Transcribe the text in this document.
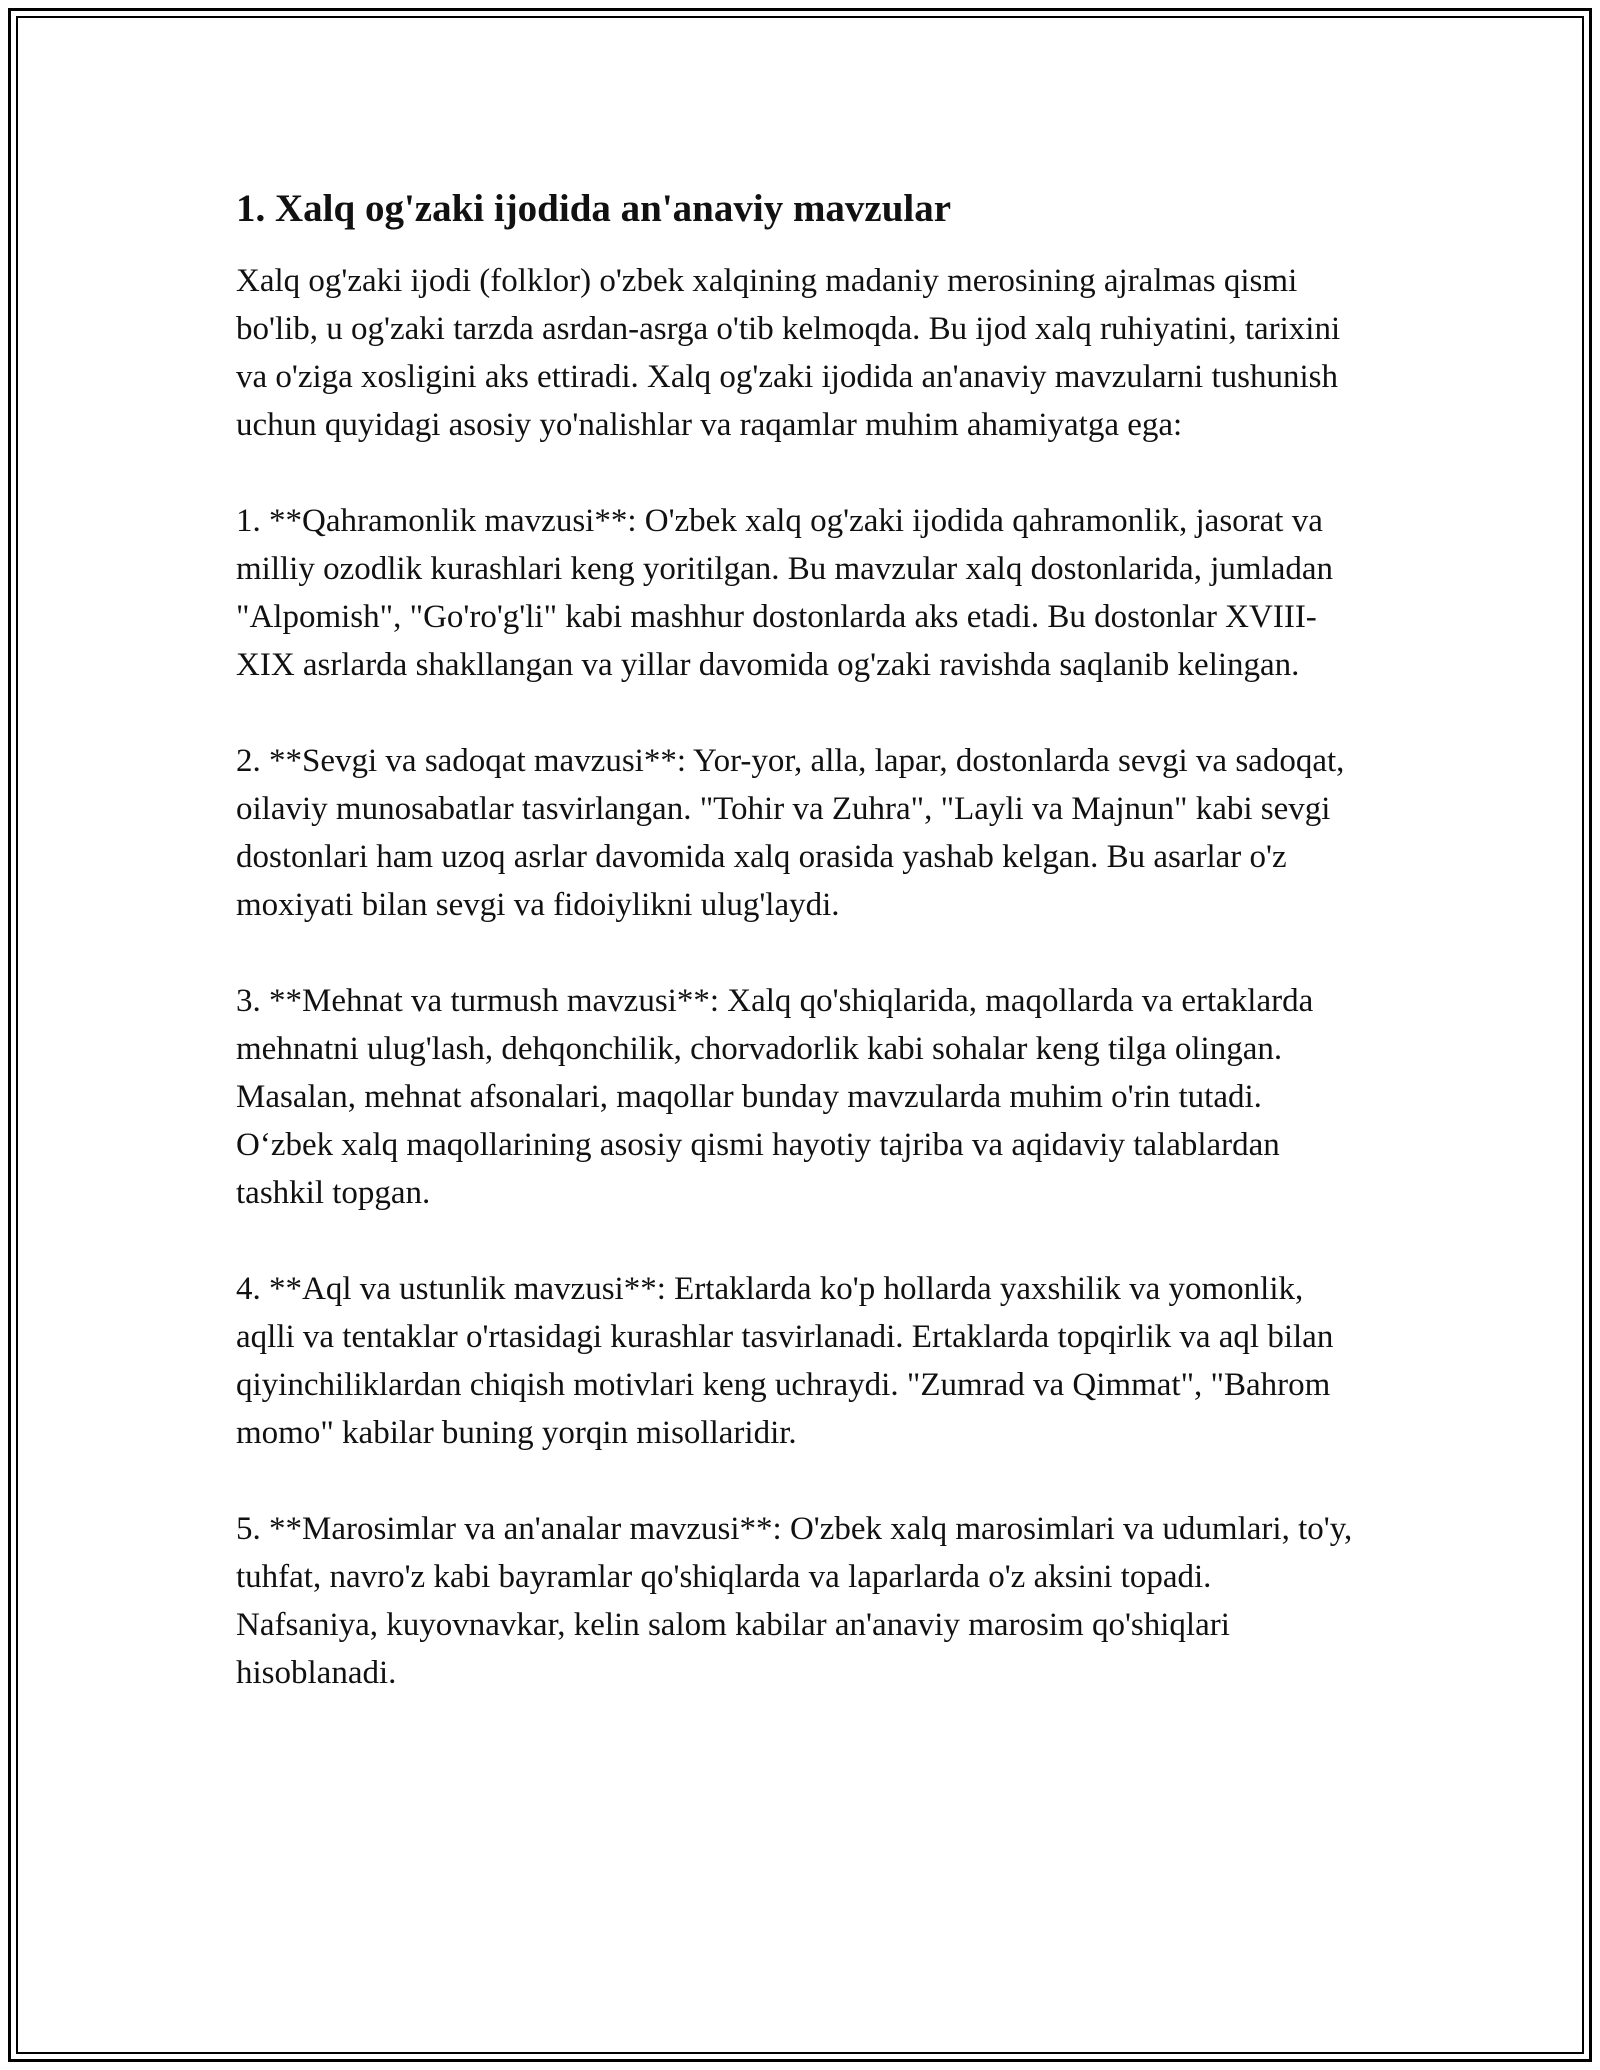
1. Xalq og'zaki ijodida an'anaviy mavzular

Xalq og'zaki ijodi (folklor) o'zbek xalqining madaniy merosining ajralmas qismi bo'lib, u og'zaki tarzda asrdan-asrga o'tib kelmoqda. Bu ijod xalq ruhiyatini, tarixini va o'ziga xosligini aks ettiradi. Xalq og'zaki ijodida an'anaviy mavzularni tushunish uchun quyidagi asosiy yo'nalishlar va raqamlar muhim ahamiyatga ega:

1. **Qahramonlik mavzusi**: O'zbek xalq og'zaki ijodida qahramonlik, jasorat va milliy ozodlik kurashlari keng yoritilgan. Bu mavzular xalq dostonlarida, jumladan "Alpomish", "Go'ro'g'li" kabi mashhur dostonlarda aks etadi. Bu dostonlar XVIII-XIX asrlarda shakllangan va yillar davomida og'zaki ravishda saqlanib kelingan.

2. **Sevgi va sadoqat mavzusi**: Yor-yor, alla, lapar, dostonlarda sevgi va sadoqat, oilaviy munosabatlar tasvirlangan. "Tohir va Zuhra", "Layli va Majnun" kabi sevgi dostonlari ham uzoq asrlar davomida xalq orasida yashab kelgan. Bu asarlar o'z moxiyati bilan sevgi va fidoiylikni ulug'laydi.

3. **Mehnat va turmush mavzusi**: Xalq qo'shiqlarida, maqollarda va ertaklarda mehnatni ulug'lash, dehqonchilik, chorvadorlik kabi sohalar keng tilga olingan. Masalan, mehnat afsonalari, maqollar bunday mavzularda muhim o'rin tutadi. O‘zbek xalq maqollarining asosiy qismi hayotiy tajriba va aqidaviy talablardan tashkil topgan.

4. **Aql va ustunlik mavzusi**: Ertaklarda ko'p hollarda yaxshilik va yomonlik, aqlli va tentaklar o'rtasidagi kurashlar tasvirlanadi. Ertaklarda topqirlik va aql bilan qiyinchiliklardan chiqish motivlari keng uchraydi. "Zumrad va Qimmat", "Bahrom momo" kabilar buning yorqin misollaridir.

5. **Marosimlar va an'analar mavzusi**: O'zbek xalq marosimlari va udumlari, to'y, tuhfat, navro'z kabi bayramlar qo'shiqlarda va laparlarda o'z aksini topadi. Nafsaniya, kuyovnavkar, kelin salom kabilar an'anaviy marosim qo'shiqlari hisoblanadi.
